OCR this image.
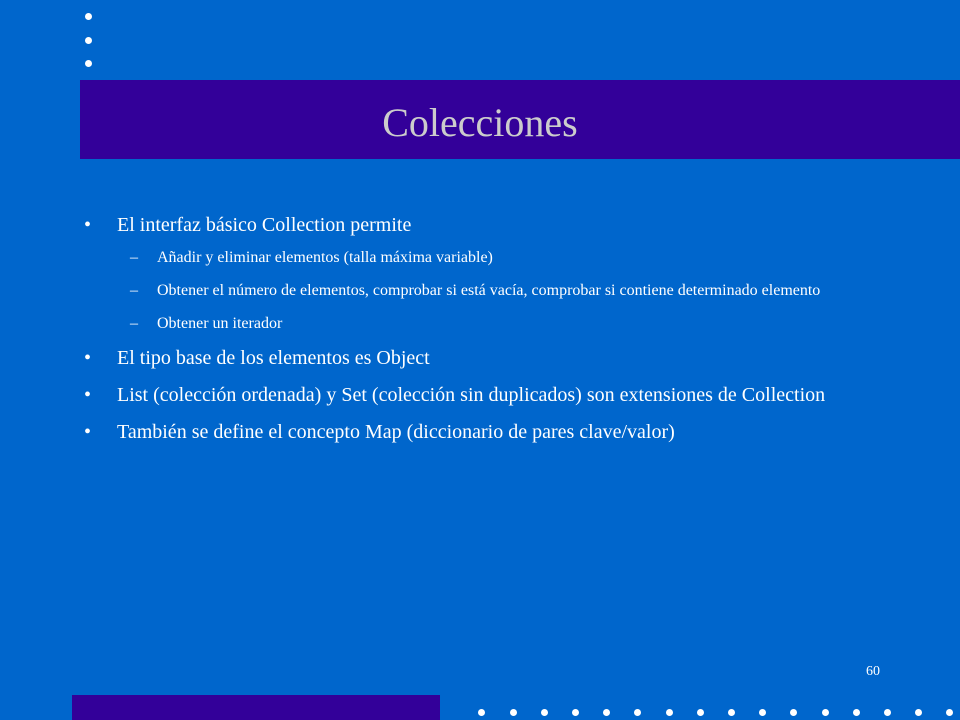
Colecciones
• El interfaz básico Collection permite
– Añadir y eliminar elementos (talla máxima variable)
– Obtener el número de elementos, comprobar si está vacía, comprobar si contiene determinado elemento
– Obtener un iterador
• El tipo base de los elementos es Object
• List (colección ordenada) y Set (colección sin duplicados) son extensiones de Collection
• También se define el concepto Map (diccionario de pares clave/valor)
60
